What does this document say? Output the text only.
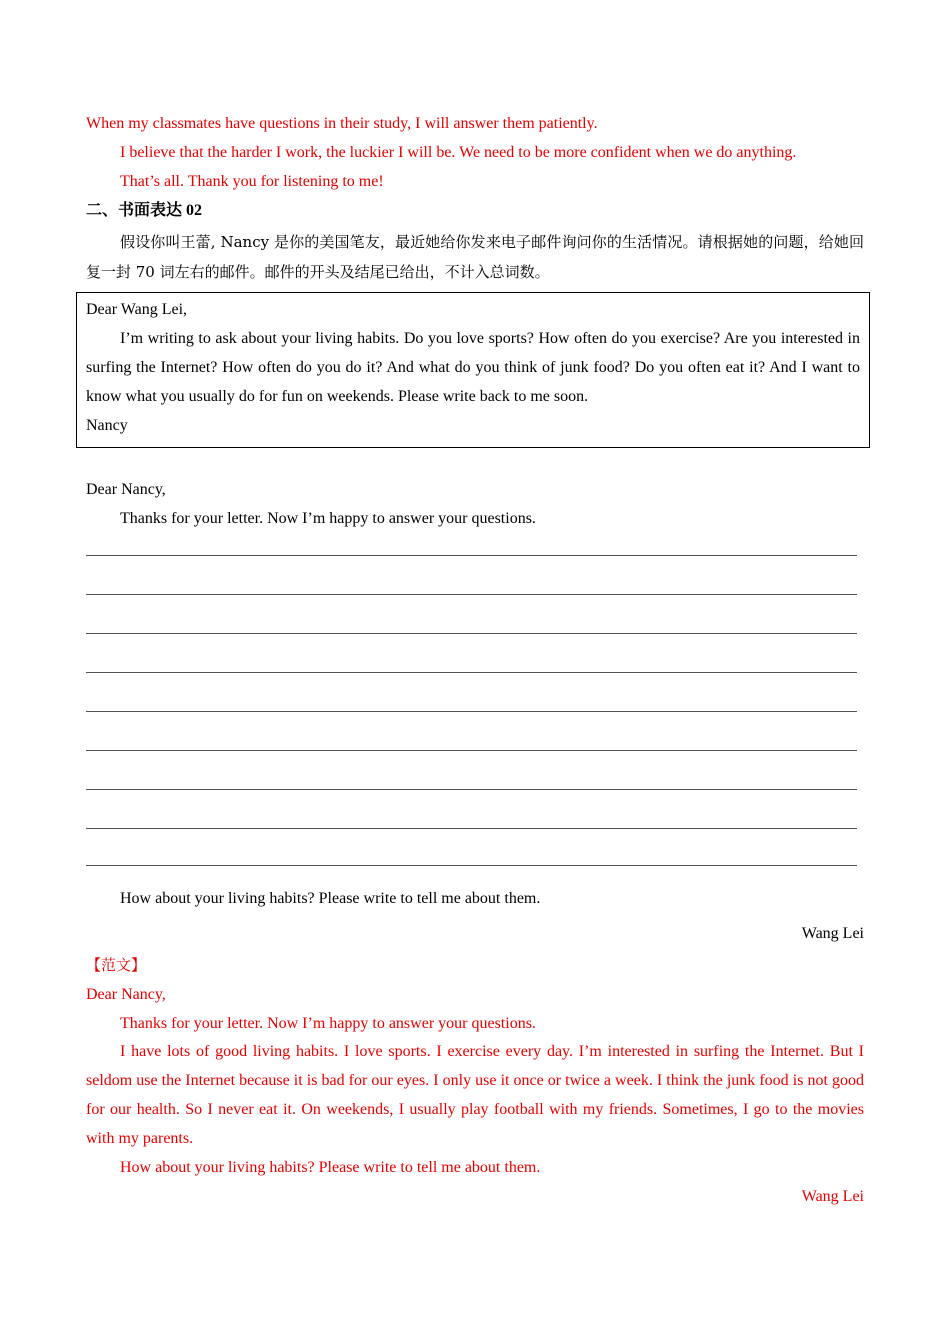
When my classmates have questions in their study, I will answer them patiently.
I believe that the harder I work, the luckier I will be. We need to be more confident when we do anything.
That’s all. Thank you for listening to me!
二、书面表达 02
假设你叫王蕾, Nancy 是你的美国笔友，最近她给你发来电子邮件询问你的生活情况。请根据她的问题，给她回复一封 70 词左右的邮件。邮件的开头及结尾已给出，不计入总词数。
Dear Wang Lei,
I’m writing to ask about your living habits. Do you love sports? How often do you exercise? Are you interested in surfing the Internet? How often do you do it? And what do you think of junk food? Do you often eat it? And I want to know what you usually do for fun on weekends. Please write back to me soon.
Nancy
Dear Nancy,
Thanks for your letter. Now I’m happy to answer your questions.
How about your living habits? Please write to tell me about them.
Wang Lei
【范文】
Dear Nancy,
Thanks for your letter. Now I’m happy to answer your questions.
I have lots of good living habits. I love sports. I exercise every day. I’m interested in surfing the Internet. But I seldom use the Internet because it is bad for our eyes. I only use it once or twice a week. I think the junk food is not good for our health. So I never eat it. On weekends, I usually play football with my friends. Sometimes, I go to the movies with my parents.
How about your living habits? Please write to tell me about them.
Wang Lei
